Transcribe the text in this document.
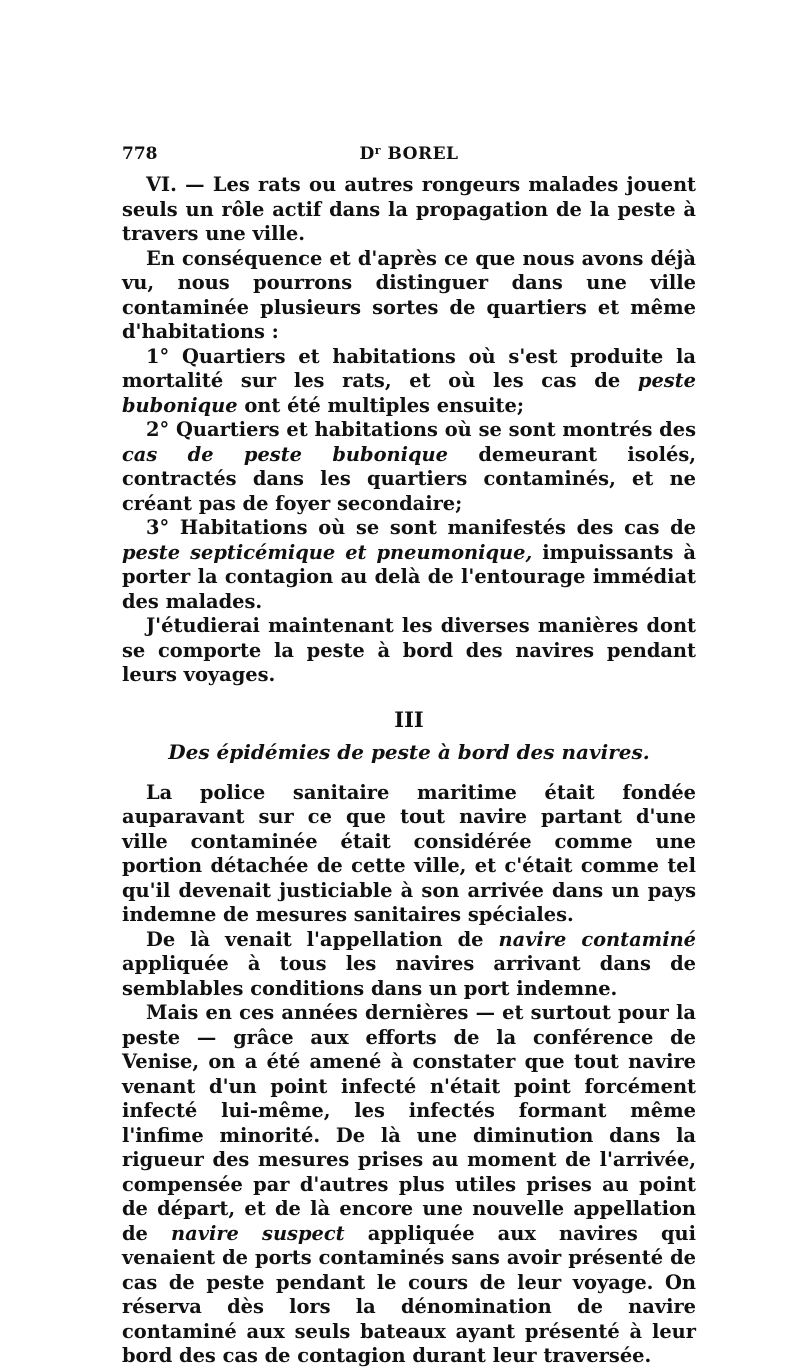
778	$D^r$ BOREL

VI. — Les rats ou autres rongeurs malades jouent seuls un rôle actif dans la propagation de la peste à travers une ville.

En conséquence et d'après ce que nous avons déjà vu, nous pourrons distinguer dans une ville contaminée plusieurs sortes de quartiers et même d'habitations :

1° Quartiers et habitations où s'est produite la mortalité sur les rats, et où les cas de peste bubonique ont été multiples ensuite;

2° Quartiers et habitations où se sont montrés des cas de peste bubonique demeurant isolés, contractés dans les quartiers contaminés, et ne créant pas de foyer secondaire;

3° Habitations où se sont manifestés des cas de peste septicémique et pneumonique, impuissants à porter la contagion au delà de l'entourage immédiat des malades.

J'étudierai maintenant les diverses manières dont se comporte la peste à bord des navires pendant leurs voyages.

III
Des épidémies de peste à bord des navires.

La police sanitaire maritime était fondée auparavant sur ce que tout navire partant d'une ville contaminée était considérée comme une portion détachée de cette ville, et c'était comme tel qu'il devenait justiciable à son arrivée dans un pays indemne de mesures sanitaires spéciales.

De là venait l'appellation de navire contaminé appliquée à tous les navires arrivant dans de semblables conditions dans un port indemne.

Mais en ces années dernières — et surtout pour la peste — grâce aux efforts de la conférence de Venise, on a été amené à constater que tout navire venant d'un point infecté n'était point forcément infecté lui-même, les infectés formant même l'infime minorité. De là une diminution dans la rigueur des mesures prises au moment de l'arrivée, compensée par d'autres plus utiles prises au point de départ, et de là encore une nouvelle appellation de navire suspect appliquée aux navires qui venaient de ports contaminés sans avoir présenté de cas de peste pendant le cours de leur voyage. On réserva dès lors la dénomination de navire contaminé aux seuls bateaux ayant présenté à leur bord des cas de contagion durant leur traversée.
